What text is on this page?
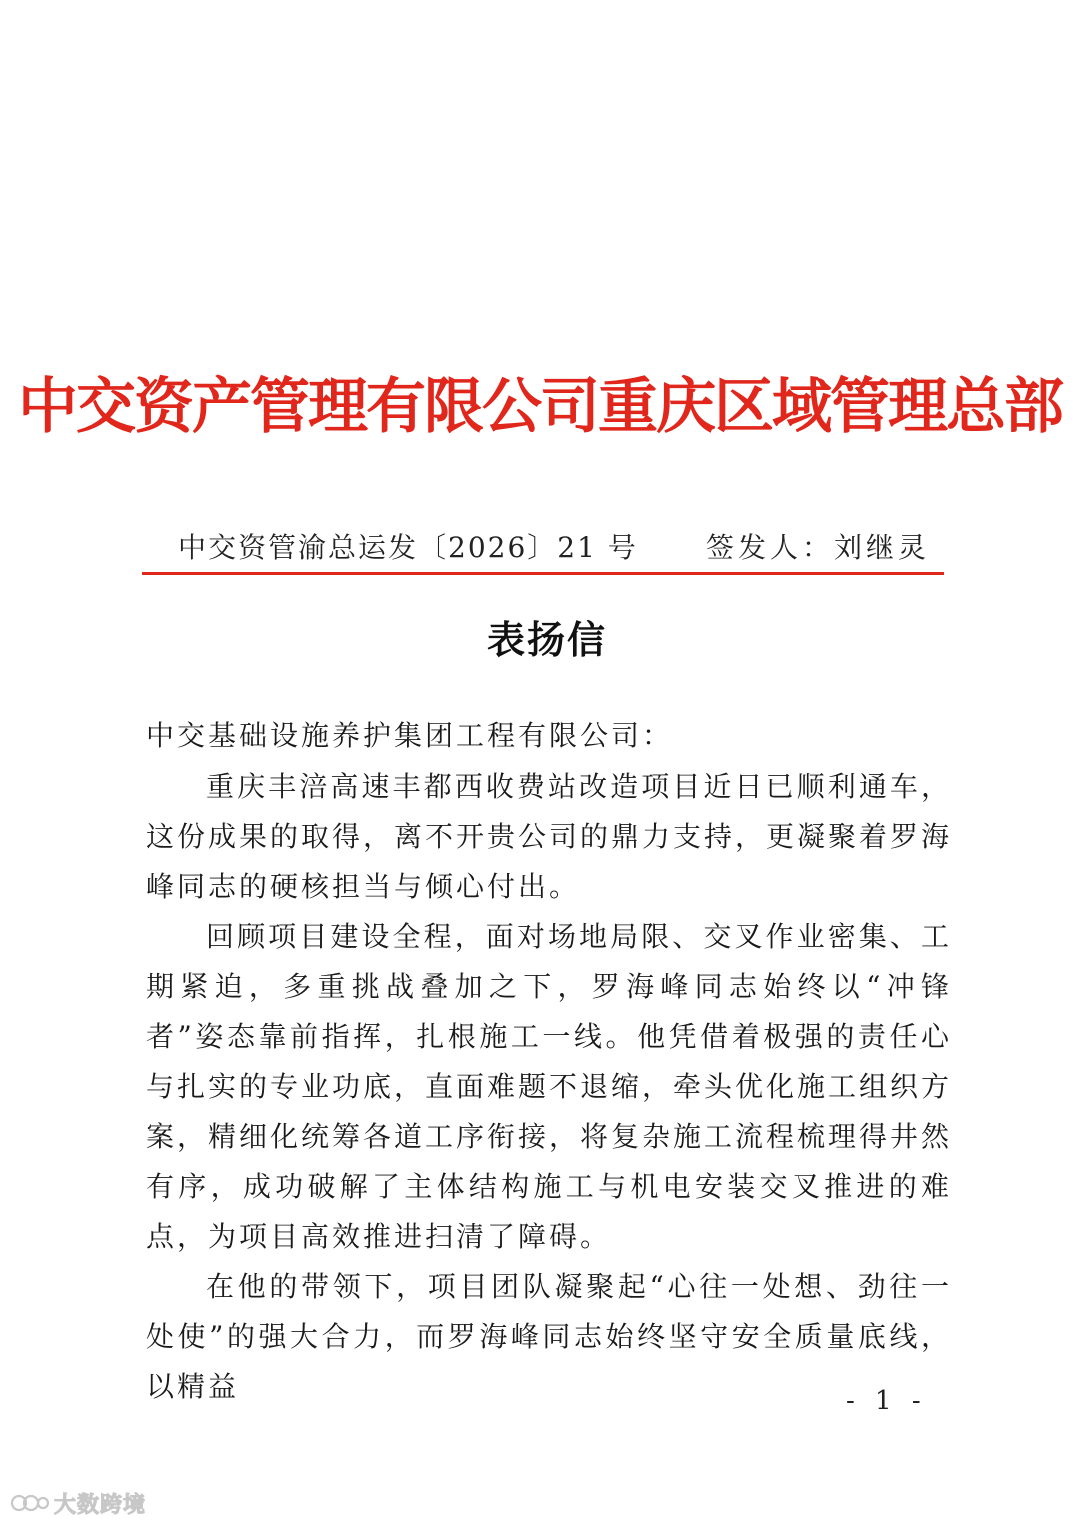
中交资产管理有限公司重庆区域管理总部
中交资管渝总运发〔2026〕21 号 签发人：刘继灵
表扬信
中交基础设施养护集团工程有限公司：

重庆丰涪高速丰都西收费站改造项目近日已顺利通车，这份成果的取得，离不开贵公司的鼎力支持，更凝聚着罗海峰同志的硬核担当与倾心付出。

回顾项目建设全程，面对场地局限、交叉作业密集、工期紧迫，多重挑战叠加之下，罗海峰同志始终以“冲锋者”姿态靠前指挥，扎根施工一线。他凭借着极强的责任心与扎实的专业功底，直面难题不退缩，牵头优化施工组织方案，精细化统筹各道工序衔接，将复杂施工流程梳理得井然有序，成功破解了主体结构施工与机电安装交叉推进的难点，为项目高效推进扫清了障碍。

在他的带领下，项目团队凝聚起“心往一处想、劲往一处使”的强大合力，而罗海峰同志始终坚守安全质量底线，以精益	- 1 -
大数跨境
